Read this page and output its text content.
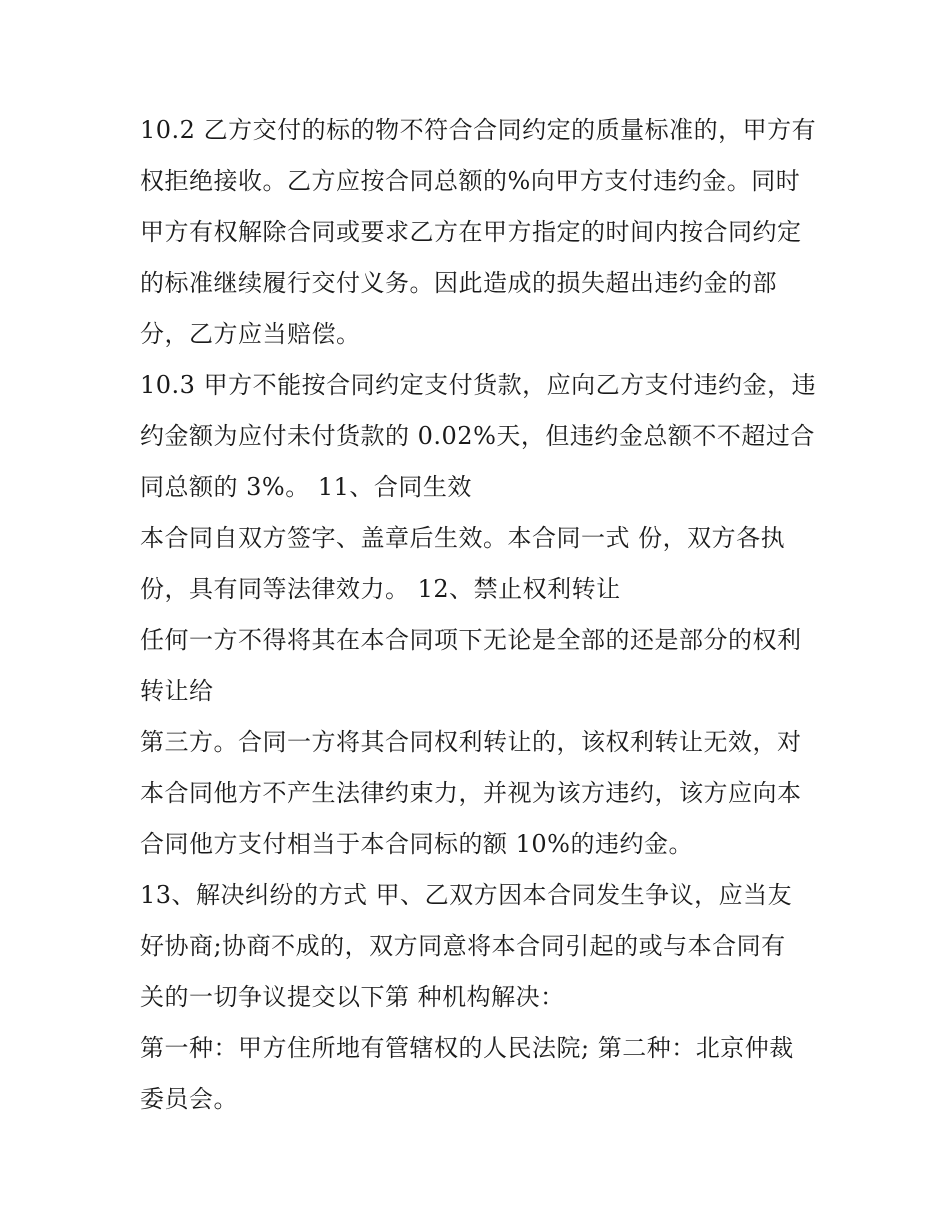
10.2 乙方交付的标的物不符合合同约定的质量标准的，甲方有
权拒绝接收。乙方应按合同总额的%向甲方支付违约金。同时
甲方有权解除合同或要求乙方在甲方指定的时间内按合同约定
的标准继续履行交付义务。因此造成的损失超出违约金的部
分，乙方应当赔偿。
10.3 甲方不能按合同约定支付货款，应向乙方支付违约金，违
约金额为应付未付货款的 0.02%天，但违约金总额不不超过合
同总额的 3%。 11、合同生效
本合同自双方签字、盖章后生效。本合同一式 份，双方各执
份，具有同等法律效力。 12、禁止权利转让
任何一方不得将其在本合同项下无论是全部的还是部分的权利
转让给
第三方。合同一方将其合同权利转让的，该权利转让无效，对
本合同他方不产生法律约束力，并视为该方违约，该方应向本
合同他方支付相当于本合同标的额 10%的违约金。
13、解决纠纷的方式 甲、乙双方因本合同发生争议，应当友
好协商;协商不成的，双方同意将本合同引起的或与本合同有
关的一切争议提交以下第 种机构解决：
第一种：甲方住所地有管辖权的人民法院; 第二种：北京仲裁
委员会。
